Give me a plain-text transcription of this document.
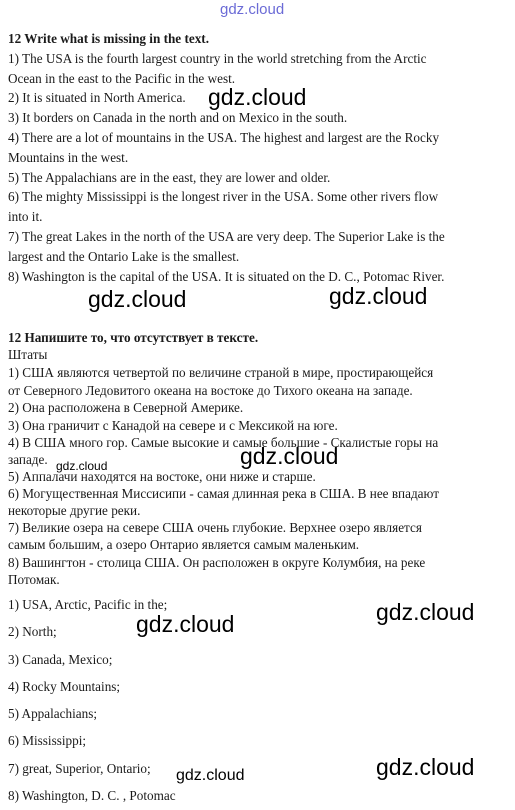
gdz.cloud
gdz.cloud
gdz.cloud	gdz.cloud
gdz.cloud
gdz.cloud
gdz.cloud	gdz.cloud
gdz.cloud
gdz.cloud
12 Write what is missing in the text.
1) The USA is the fourth largest country in the world stretching from the Arctic
Ocean in the east to the Pacific in the west.
2) It is situated in North America.
3) It borders on Canada in the north and on Mexico in the south.
4) There are a lot of mountains in the USA. The highest and largest are the Rocky
Mountains in the west.
5) The Appalachians are in the east, they are lower and older.
6) The mighty Mississippi is the longest river in the USA. Some other rivers flow
into it.
7) The great Lakes in the north of the USA are very deep. The Superior Lake is the
largest and the Ontario Lake is the smallest.
8) Washington is the capital of the USA. It is situated on the D. C., Potomac River.
12 Напишите то, что отсутствует в тексте.
Штаты
1) США являются четвертой по величине страной в мире, простирающейся
от Северного Ледовитого океана на востоке до Тихого океана на западе.
2) Она расположена в Северной Америке.
3) Она граничит с Канадой на севере и с Мексикой на юге.
4) В США много гор. Самые высокие и самые большие - Скалистые горы на
западе.
5) Аппалачи находятся на востоке, они ниже и старше.
6) Могущественная Миссисипи - самая длинная река в США. В нее впадают
некоторые другие реки.
7) Великие озера на севере США очень глубокие. Верхнее озеро является
самым большим, а озеро Онтарио является самым маленьким.
8) Вашингтон - столица США. Он расположен в округе Колумбия, на реке
Потомак.
1) USA, Arctic, Pacific in the;
2) North;
3) Canada, Mexico;
4) Rocky Mountains;
5) Appalachians;
6) Mississippi;
7) great, Superior, Ontario;
8) Washington, D. C. , Potomac
